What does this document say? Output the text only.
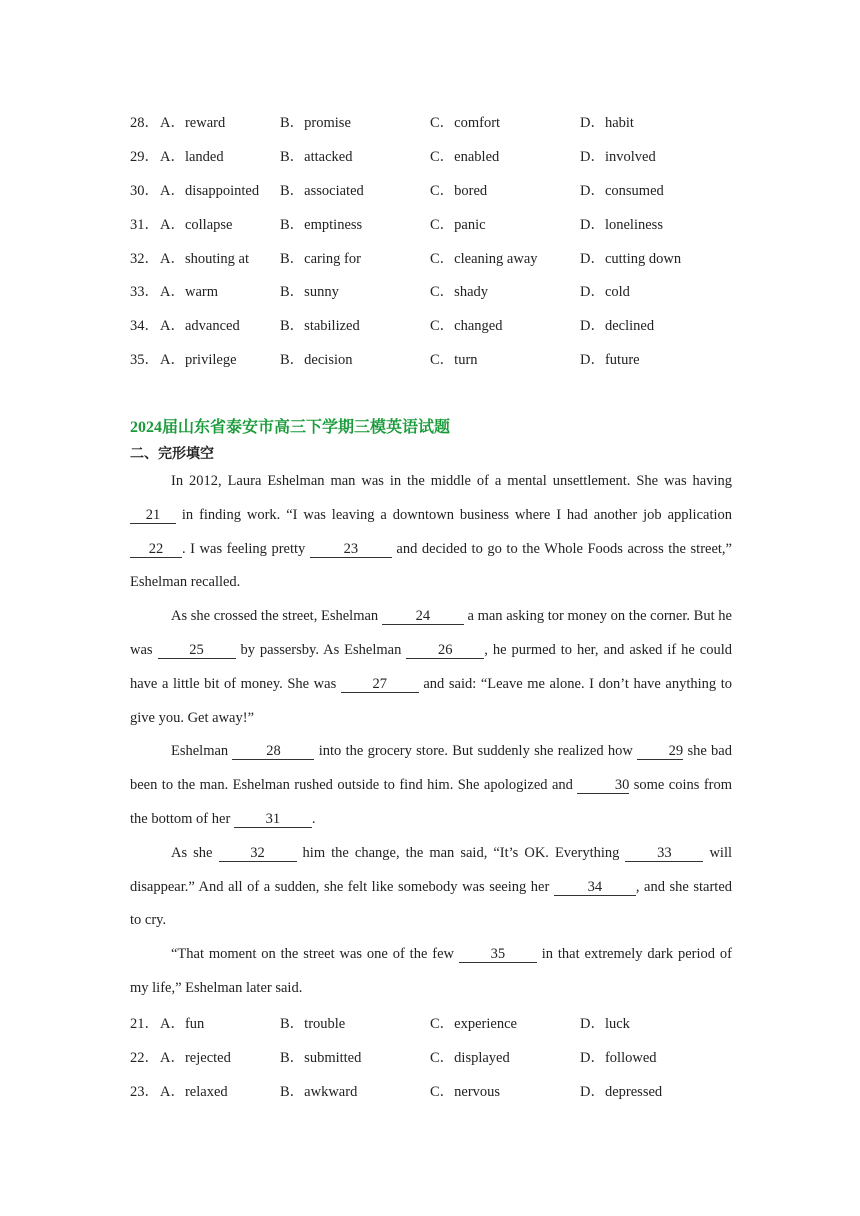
28． A．reward	B．promise	C．comfort	D．habit
29． A．landed	B．attacked	C．enabled	D．involved
30． A．disappointed	B．associated	C．bored	D．consumed
31． A．collapse	B．emptiness	C．panic	D．loneliness
32． A．shouting at	B．caring for	C．cleaning away	D．cutting down
33． A．warm	B．sunny	C．shady	D．cold
34． A．advanced	B．stabilized	C．changed	D．declined
35． A．privilege	B．decision	C．turn	D．future
2024届山东省泰安市高三下学期三模英语试题
二、完形填空

In 2012, Laura Eshelman man was in the middle of a mental unsettlement. She was having 21 in finding work. “I was leaving a downtown business where I had another job application 22 . I was feeling pretty 23 and decided to go to the Whole Foods across the street,” Eshelman recalled.

As she crossed the street, Eshelman 24 a man asking tor money on the corner. But he was 25 by passersby. As Eshelman 26 , he purmed to her, and asked if he could have a little bit of money. She was 27 and said: “Leave me alone. I don’t have anything to give you. Get away!”

Eshelman 28 into the grocery store. But suddenly she realized how 29 she bad been to the man. Eshelman rushed outside to find him. She apologized and	30 some coins from the bottom of her 31 .

As she 32 him the change, the man said, “It’s OK. Everything 33 will disappear.” And all of a sudden, she felt like somebody was seeing her 34 , and she started to cry.

“That moment on the street was one of the few 35 in that extremely dark period of my life,” Eshelman later said.

21． A．fun	B．trouble	C．experience	D．luck
22． A．rejected	B．submitted	C．displayed	D．followed
23． A．relaxed	B．awkward	C．nervous	D．depressed
